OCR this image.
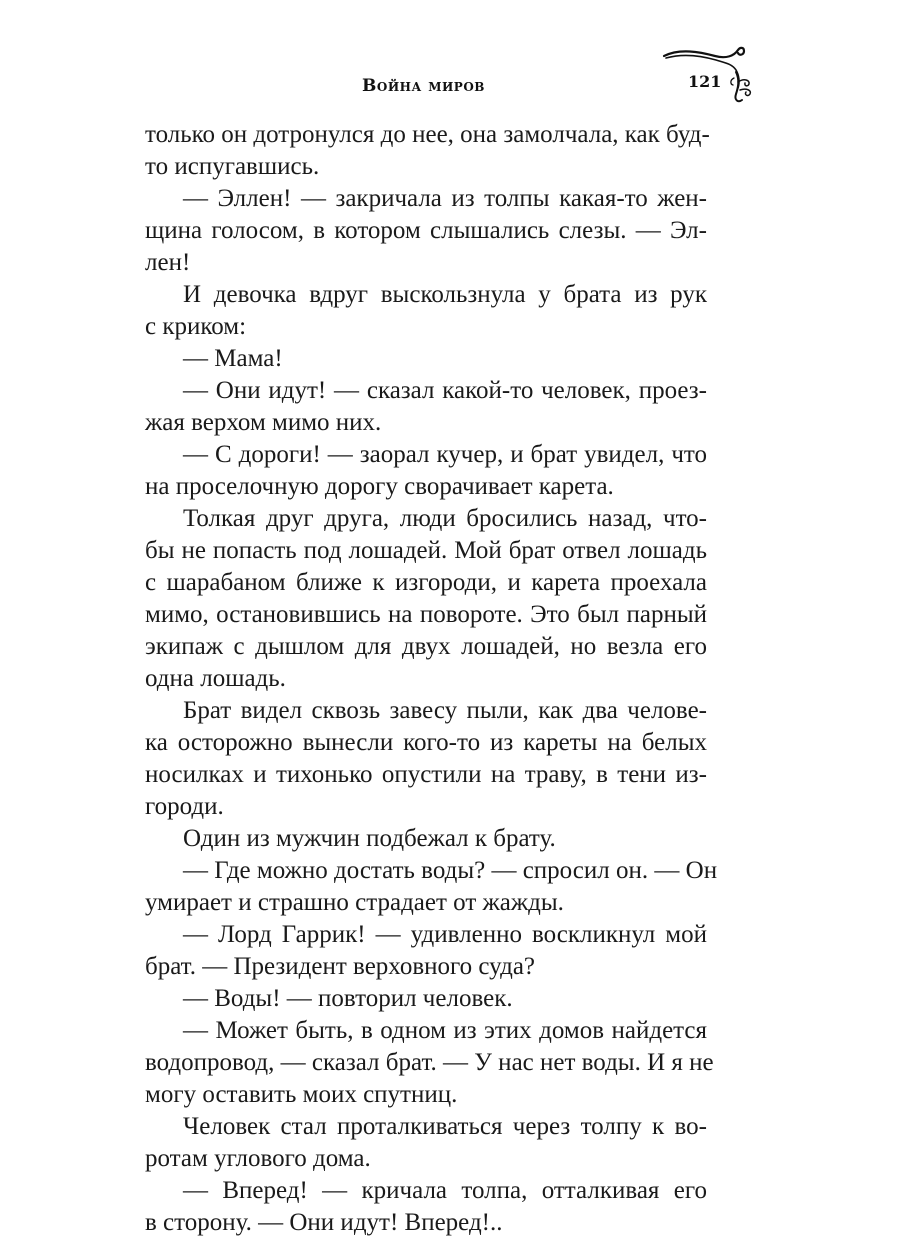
Война миров	121
только он дотронулся до нее, она замолчала, как буд-
то испугавшись.
— Эллен! — закричала из толпы какая-то жен-
щина голосом, в котором слышались слезы. — Эл-
лен!
И девочка вдруг выскользнула у брата из рук
с криком:
— Мама!
— Они идут! — сказал какой-то человек, проез-
жая верхом мимо них.
— С дороги! — заорал кучер, и брат увидел, что
на проселочную дорогу сворачивает карета.
Толкая друг друга, люди бросились назад, что-
бы не попасть под лошадей. Мой брат отвел лошадь
с шарабаном ближе к изгороди, и карета проехала
мимо, остановившись на повороте. Это был парный
экипаж с дышлом для двух лошадей, но везла его
одна лошадь.
Брат видел сквозь завесу пыли, как два челове-
ка осторожно вынесли кого-то из кареты на белых
носилках и тихонько опустили на траву, в тени из-
городи.
Один из мужчин подбежал к брату.
— Где можно достать воды? — спросил он. — Он
умирает и страшно страдает от жажды.
— Лорд Гаррик! — удивленно воскликнул мой
брат. — Президент верховного суда?
— Воды! — повторил человек.
— Может быть, в одном из этих домов найдется
водопровод, — сказал брат. — У нас нет воды. И я не
могу оставить моих спутниц.
Человек стал проталкиваться через толпу к во-
ротам углового дома.
— Вперед! — кричала толпа, отталкивая его
в сторону. — Они идут! Вперед!..
